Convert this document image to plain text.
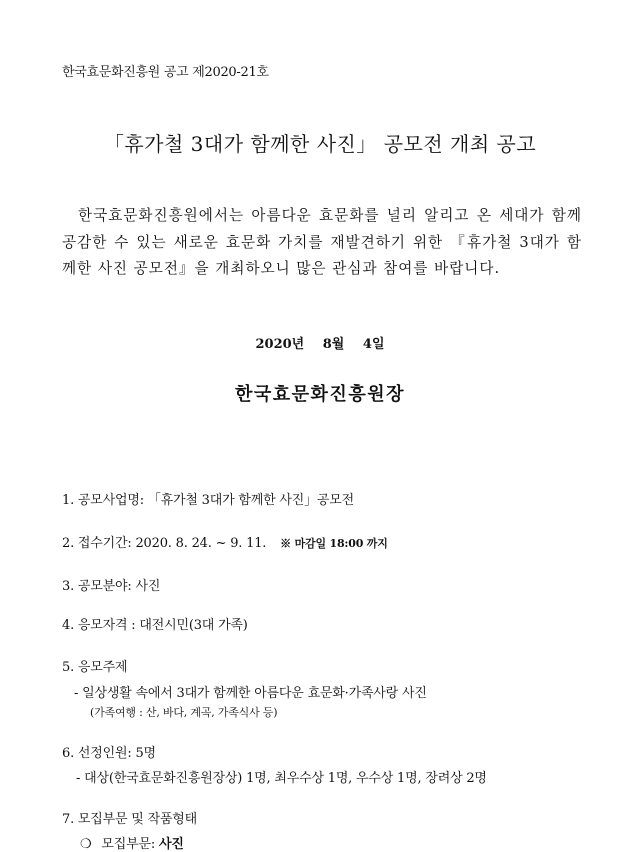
한국효문화진흥원 공고 제2020-21호
「휴가철 3대가 함께한 사진」 공모전 개최 공고
한국효문화진흥원에서는 아름다운 효문화를 널리 알리고 온 세대가 함께 공감한 수 있는 새로운 효문화 가치를 재발견하기 위한 『휴가철 3대가 함께한 사진 공모전』을 개최하오니 많은 관심과 참여를 바랍니다.
2020년 8월 4일
한국효문화진흥원장
1. 공모사업명: 「휴가철 3대가 함께한 사진」공모전
2. 접수기간: 2020. 8. 24. ~ 9. 11. ※ 마감일 18:00 까지
3. 공모분야: 사진
4. 응모자격 : 대전시민(3대 가족)
5. 응모주제
- 일상생활 속에서 3대가 함께한 아름다운 효문화·가족사랑 사진
(가족여행 : 산, 바다, 계곡, 가족식사 등)
6. 선정인원: 5명
- 대상(한국효문화진흥원장상) 1명, 최우수상 1명, 우수상 1명, 장려상 2명
7. 모집부문 및 작품형태
❍ 모집부문: 사진
